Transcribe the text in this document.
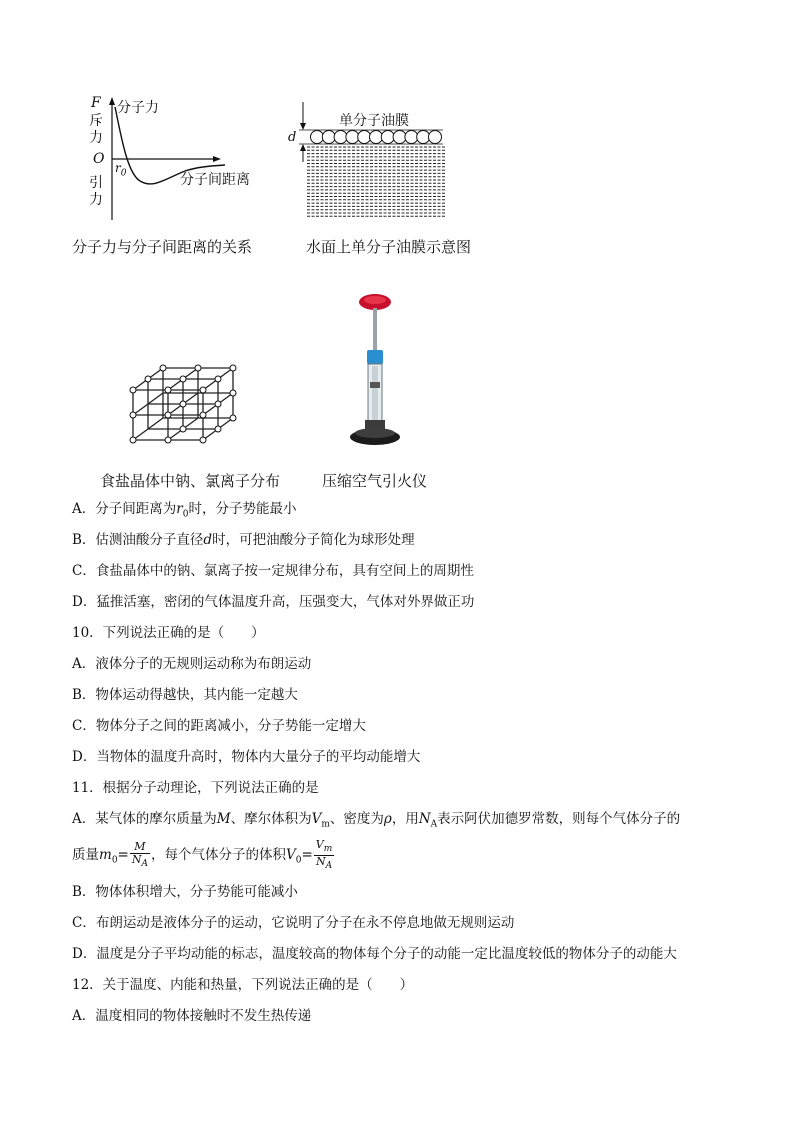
F 分子力
斥力
O
$r_0$
引力
分子间距离
分子力与分子间距离的关系
单分子油膜
d
水面上单分子油膜示意图
食盐晶体中钠、氯离子分布	压缩空气引火仪
A．分子间距离为$r_0$时，分子势能最小
B．估测油酸分子直径d时，可把油酸分子简化为球形处理
C．食盐晶体中的钠、氯离子按一定规律分布，具有空间上的周期性
D．猛推活塞，密闭的气体温度升高，压强变大，气体对外界做正功
10．下列说法正确的是（　　）
A．液体分子的无规则运动称为布朗运动
B．物体运动得越快，其内能一定越大
C．物体分子之间的距离减小，分子势能一定增大
D．当物体的温度升高时，物体内大量分子的平均动能增大
11．根据分子动理论，下列说法正确的是
A．某气体的摩尔质量为M、摩尔体积为$V_m$、密度为ρ，用$N_A$表示阿伏加德罗常数，则每个气体分子的
质量$m_0= \frac{M}{N_A}$ ，每个气体分子的体积$V_0= \frac{V_m}{N_A}$
B．物体体积增大，分子势能可能减小
C．布朗运动是液体分子的运动，它说明了分子在永不停息地做无规则运动
D．温度是分子平均动能的标志，温度较高的物体每个分子的动能一定比温度较低的物体分子的动能大
12．关于温度、内能和热量，下列说法正确的是（　　）
A．温度相同的物体接触时不发生热传递
